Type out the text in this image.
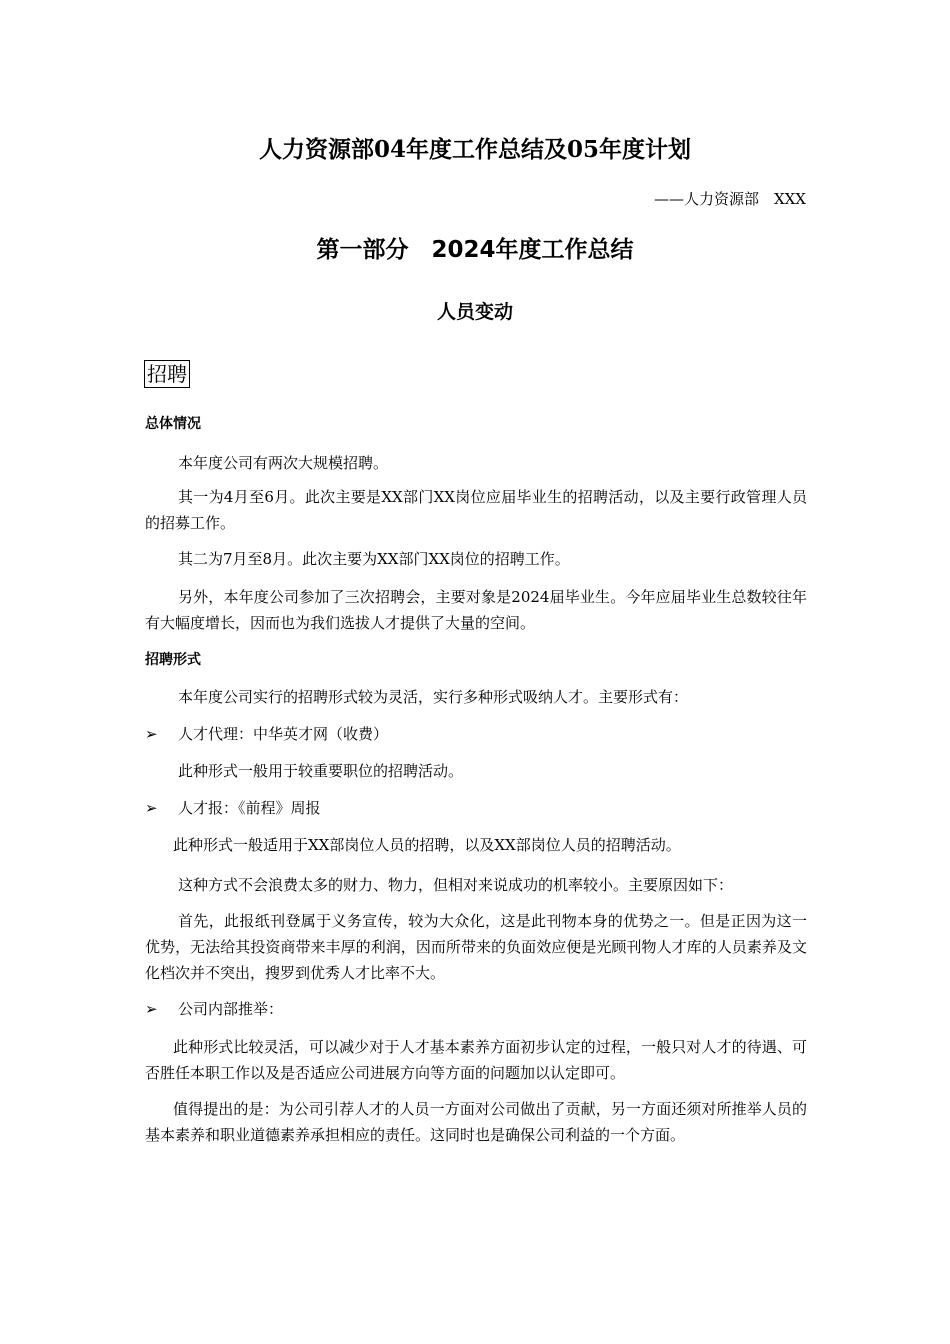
人力资源部04年度工作总结及05年度计划
——人力资源部　XXX
第一部分　2024年度工作总结
人员变动
招聘
总体情况
本年度公司有两次大规模招聘。
其一为4月至6月。此次主要是XX部门XX岗位应届毕业生的招聘活动，以及主要行政管理人员的招募工作。
其二为7月至8月。此次主要为XX部门XX岗位的招聘工作。
另外，本年度公司参加了三次招聘会，主要对象是2024届毕业生。今年应届毕业生总数较往年有大幅度增长，因而也为我们选拔人才提供了大量的空间。
招聘形式
本年度公司实行的招聘形式较为灵活，实行多种形式吸纳人才。主要形式有：
➢ 人才代理：中华英才网（收费）
此种形式一般用于较重要职位的招聘活动。
➢ 人才报：《前程》周报
此种形式一般适用于XX部岗位人员的招聘，以及XX部岗位人员的招聘活动。
这种方式不会浪费太多的财力、物力，但相对来说成功的机率较小。主要原因如下：
首先，此报纸刊登属于义务宣传，较为大众化，这是此刊物本身的优势之一。但是正因为这一优势，无法给其投资商带来丰厚的利润，因而所带来的负面效应便是光顾刊物人才库的人员素养及文化档次并不突出，搜罗到优秀人才比率不大。
➢ 公司内部推举：
此种形式比较灵活，可以减少对于人才基本素养方面初步认定的过程，一般只对人才的待遇、可否胜任本职工作以及是否适应公司进展方向等方面的问题加以认定即可。
值得提出的是：为公司引荐人才的人员一方面对公司做出了贡献，另一方面还须对所推举人员的基本素养和职业道德素养承担相应的责任。这同时也是确保公司利益的一个方面。
